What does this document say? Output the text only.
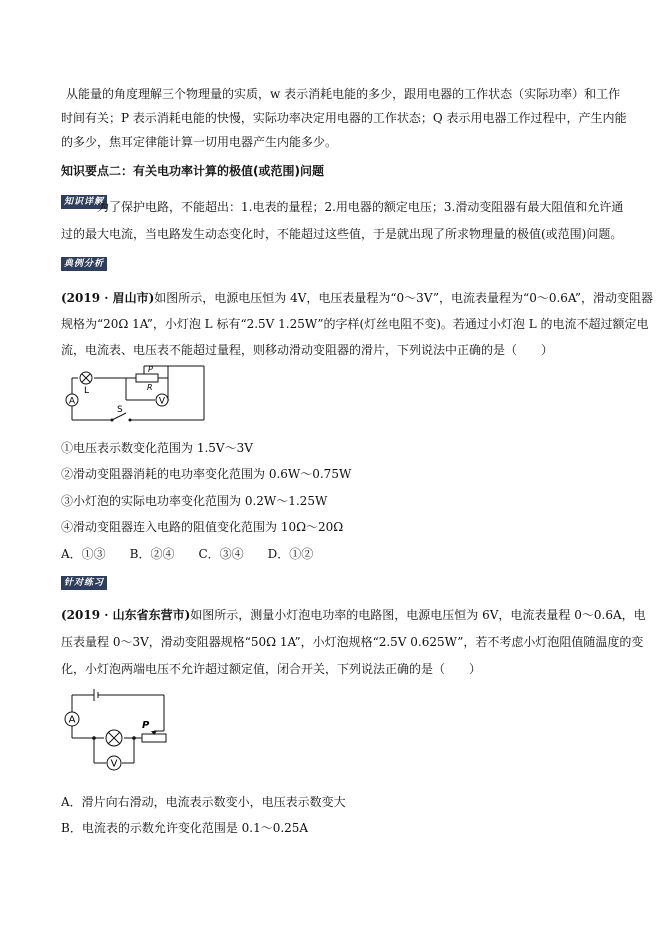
从能量的角度理解三个物理量的实质，w 表示消耗电能的多少，跟用电器的工作状态（实际功率）和工作
时间有关；P 表示消耗电能的快慢，实际功率决定用电器的工作状态；Q 表示用电器工作过程中，产生内能
的多少，焦耳定律能计算一切用电器产生内能多少。
知识要点二：有关电功率计算的极值(或范围)问题
知识详解
为了保护电路，不能超出：1.电表的量程；2.用电器的额定电压；3.滑动变阻器有最大阻值和允许通
过的最大电流，当电路发生动态变化时，不能超过这些值，于是就出现了所求物理量的极值(或范围)问题。
典例分析
(2019 · 眉山市)如图所示，电源电压恒为 4V，电压表量程为“0～3V”，电流表量程为“0～0.6A”，滑动变阻器
规格为“20Ω 1A”，小灯泡 L 标有“2.5V 1.25W”的字样(灯丝电阻不变)。若通过小灯泡 L 的电流不超过额定电
流，电流表、电压表不能超过量程，则移动滑动变阻器的滑片，下列说法中正确的是（　　）
A	V
L	R
P
S
①电压表示数变化范围为 1.5V～3V
②滑动变阻器消耗的电功率变化范围为 0.6W～0.75W
③小灯泡的实际电功率变化范围为 0.2W～1.25W
④滑动变阻器连入电路的阻值变化范围为 10Ω～20Ω
A．①③　　B．②④　　C．③④　　D．①②
针对练习
(2019 · 山东省东营市)如图所示，测量小灯泡电功率的电路图，电源电压恒为 6V，电流表量程 0～0.6A，电
压表量程 0～3V，滑动变阻器规格“50Ω 1A”，小灯泡规格“2.5V 0.625W”，若不考虑小灯泡阻值随温度的变
化，小灯泡两端电压不允许超过额定值，闭合开关，下列说法正确的是（　　）
A
V
P
A．滑片向右滑动，电流表示数变小，电压表示数变大
B．电流表的示数允许变化范围是 0.1～0.25A
